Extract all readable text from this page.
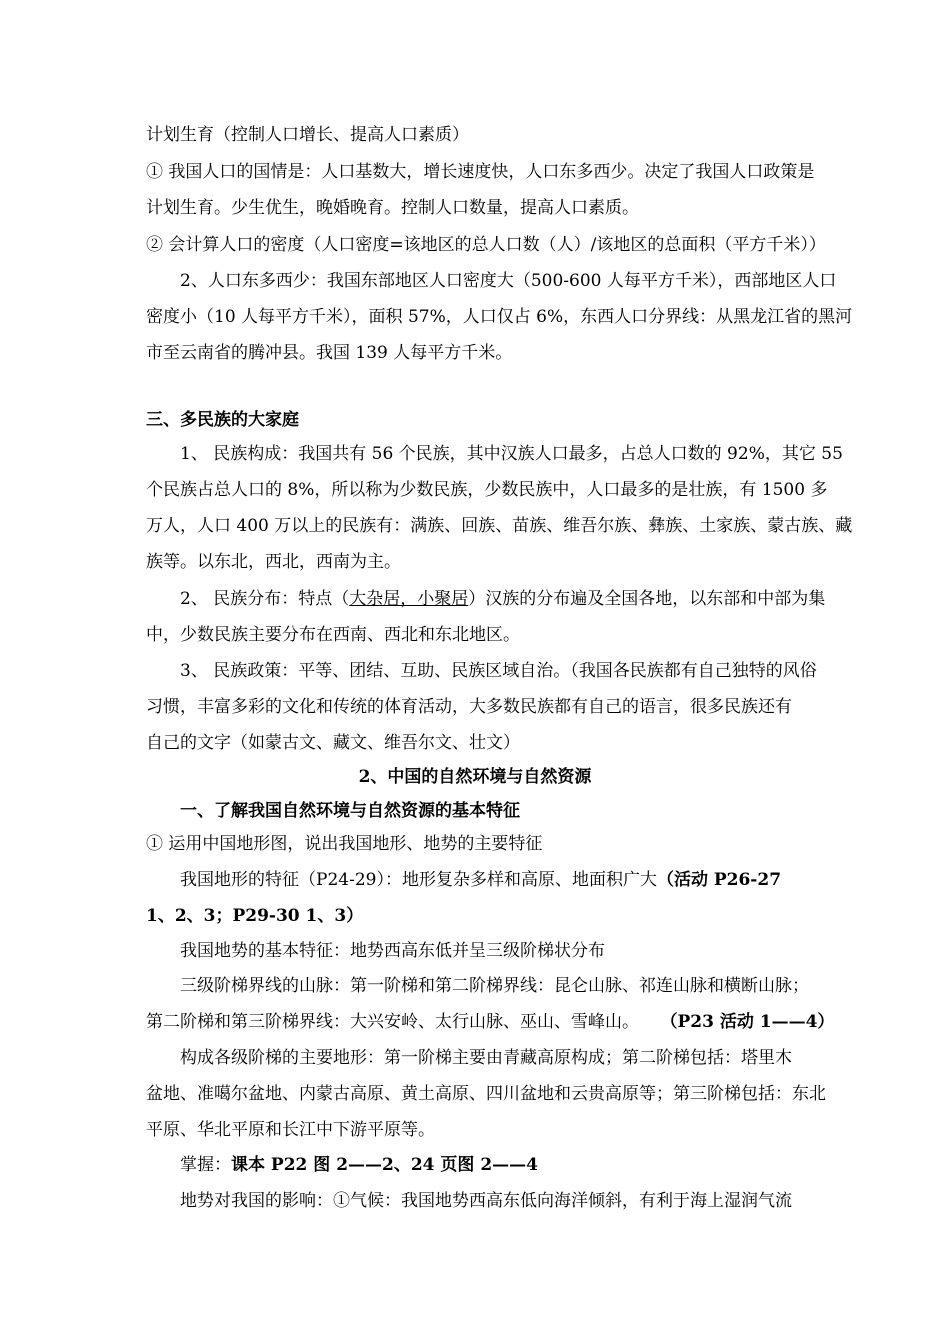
计划生育（控制人口增长、提高人口素质）
① 我国人口的国情是：人口基数大，增长速度快，人口东多西少。决定了我国人口政策是
计划生育。少生优生，晚婚晚育。控制人口数量，提高人口素质。
② 会计算人口的密度（人口密度=该地区的总人口数（人）/该地区的总面积（平方千米））
2、人口东多西少：我国东部地区人口密度大（500-600 人每平方千米），西部地区人口
密度小（10 人每平方千米），面积 57%，人口仅占 6%，东西人口分界线：从黑龙江省的黑河
市至云南省的腾冲县。我国 139 人每平方千米。
三、多民族的大家庭
1、 民族构成：我国共有 56 个民族，其中汉族人口最多，占总人口数的 92%，其它 55
个民族占总人口的 8%，所以称为少数民族，少数民族中，人口最多的是壮族，有 1500 多
万人，人口 400 万以上的民族有：满族、回族、苗族、维吾尔族、彝族、土家族、蒙古族、藏
族等。以东北，西北，西南为主。
2、 民族分布：特点（大杂居，小聚居）汉族的分布遍及全国各地，以东部和中部为集
中，少数民族主要分布在西南、西北和东北地区。
3、 民族政策：平等、团结、互助、民族区域自治。（我国各民族都有自己独特的风俗
习惯，丰富多彩的文化和传统的体育活动，大多数民族都有自己的语言，很多民族还有
自己的文字（如蒙古文、藏文、维吾尔文、壮文）
2、中国的自然环境与自然资源
一、了解我国自然环境与自然资源的基本特征
① 运用中国地形图，说出我国地形、地势的主要特征
我国地形的特征（P24-29）：地形复杂多样和高原、地面积广大（活动 P26-27
1、2、3；P29-30 1、3）
我国地势的基本特征：地势西高东低并呈三级阶梯状分布
三级阶梯界线的山脉：第一阶梯和第二阶梯界线：昆仑山脉、祁连山脉和横断山脉；
第二阶梯和第三阶梯界线：大兴安岭、太行山脉、巫山、雪峰山。 （P23 活动 1——4）
构成各级阶梯的主要地形：第一阶梯主要由青藏高原构成；第二阶梯包括：塔里木
盆地、准噶尔盆地、内蒙古高原、黄土高原、四川盆地和云贵高原等；第三阶梯包括：东北
平原、华北平原和长江中下游平原等。
掌握：课本 P22 图 2——2、24 页图 2——4
地势对我国的影响：①气候：我国地势西高东低向海洋倾斜，有利于海上湿润气流
